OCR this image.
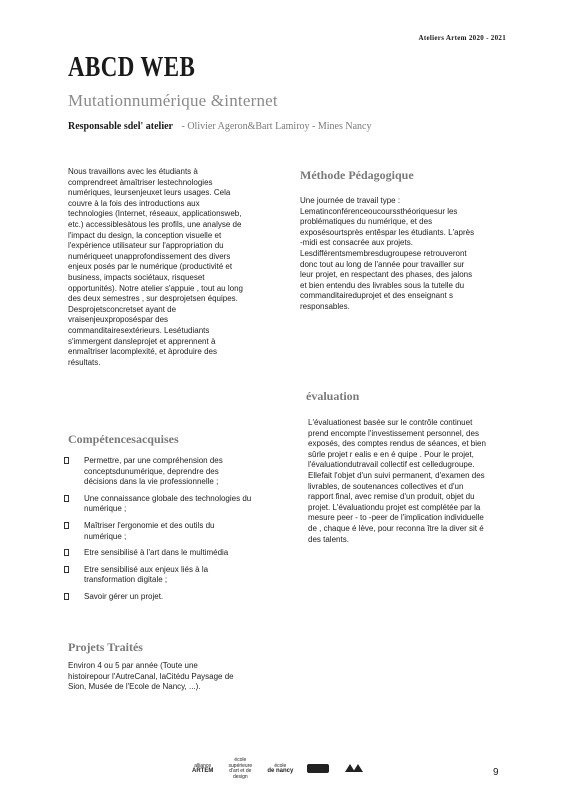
Ateliers Artem 2020 - 2021
ABCD WEB
Mutationnumérique &internet
Responsable sdel' atelier - Olivier Ageron&Bart Lamiroy - Mines Nancy
Nous travaillons avec les étudiants à comprendreet àmaîtriser lestechnologies numériques, leursenjeuxet leurs usages. Cela couvre à la fois des introductions aux technologies (Internet, réseaux, applicationsweb, etc.) accessiblesàtous les profils, une analyse de l'impact du design, la conception visuelle et l'expérience utilisateur sur l'appropriation du numériqueet unapprofondissement des divers enjeux posés par le numérique (productivité et business, impacts sociétaux, risqueset opportunités). Notre atelier s'appuie , tout au long des deux semestres , sur desprojetsen équipes. Desprojetsconcretset ayant de vraisenjeuxproposéspar des commanditairesextérieurs. Lesétudiants s'immergent dansleprojet et apprennent à enmaîtriser lacomplexité, et àproduire des résultats.
Compétencesacquises
Permettre, par une compréhension des conceptsdunumérique, deprendre des décisions dans la vie professionnelle ;
Une connaissance globale des technologies du numérique ;
Maîtriser l'ergonomie et des outils du numérique ;
Etre sensibilisé à l'art dans le multimédia
Etre sensibilisé aux enjeux liés à la transformation digitale ;
Savoir gérer un projet.
Projets Traités
Environ 4 ou 5 par année (Toute une histoirepour l'AutreCanal, laCitédu Paysage de Sion, Musée de l'Ecole de Nancy, ...).
Méthode Pédagogique
Une journée de travail type : Lematinconférenceoucourssthéoriquesur les problématiques du numérique, et des exposésourtsprès entêspar les étudiants. L'après -midi est consacrée aux projets. Lesdifférentsmembresdugroupese retrouveront donc tout au long de l'année pour travailler sur leur projet, en respectant des phases, des jalons et bien entendu des livrables sous la tutelle du commanditaireduprojet et des enseignant s responsables.
évaluation
L'évaluationest basée sur le contrôle continuet prend encompte l'investissement personnel, des exposés, des comptes rendus de séances, et bien sûrle projet r ealis e en é quipe . Pour le projet, l'évaluationdutravail collectif est celledugroupe. Ellefait l'objet d'un suivi permanent, d'examen des livrables, de soutenances collectives et d'un rapport final, avec remise d'un produit, objet du projet. L'évaluationdu projet est complétée par la mesure peer - to -peer de l'implication individuelle de , chaque é lève, pour reconna ître la diver sit é des talents.
alliance
ARTEM
école supérieure d'art et de design
école
de nancy	9
